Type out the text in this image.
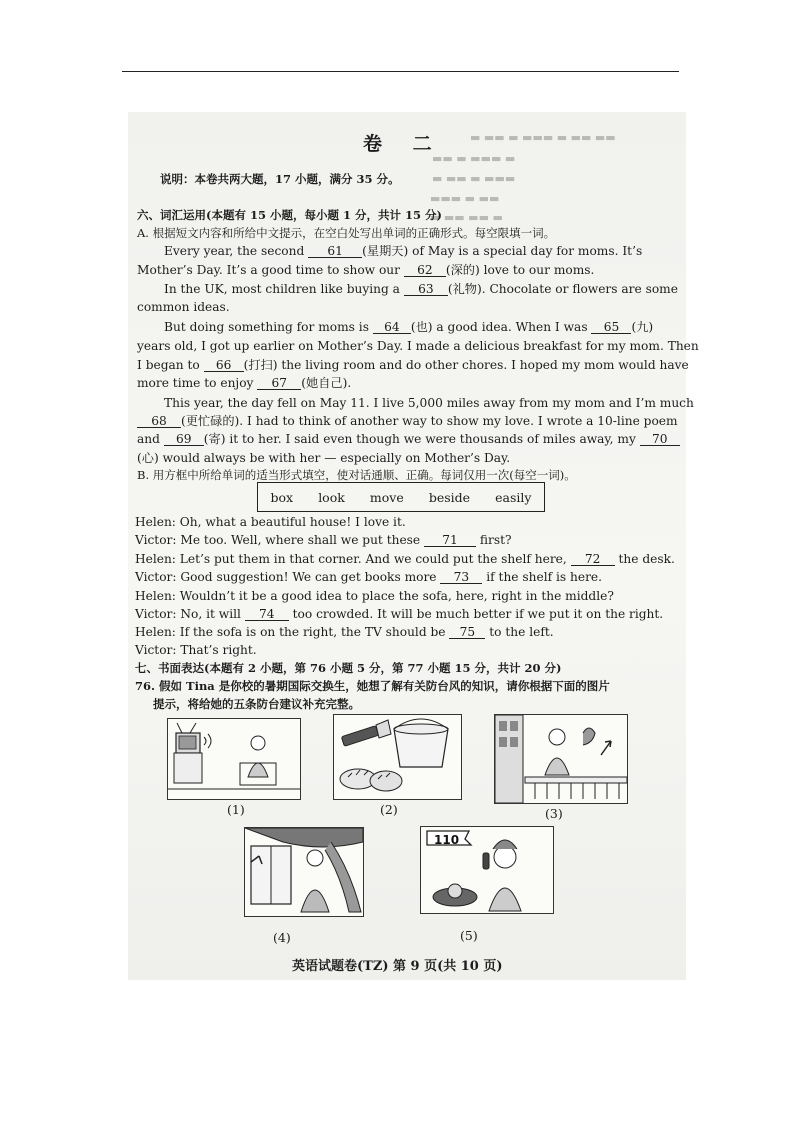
▬ ▬▬ ▬ ▬▬▬ ▬ ▬▬ ▬▬
▬▬ ▬ ▬▬▬ ▬
▬ ▬▬ ▬ ▬▬▬
▬▬▬ ▬ ▬▬
▬ ▬▬ ▬▬ ▬
卷 二
说明：本卷共两大题，17 小题，满分 35 分。
六、词汇运用(本题有 15 小题，每小题 1 分，共计 15 分)
A. 根据短文内容和所给中文提示，在空白处写出单词的正确形式。每空限填一词。
Every year, the second 61 (星期天) of May is a special day for moms. It’s
Mother’s Day. It’s a good time to show our 62 (深的) love to our moms.
In the UK, most children like buying a 63 (礼物). Chocolate or flowers are some
common ideas.
But doing something for moms is 64 (也) a good idea. When I was 65 (九)
years old, I got up earlier on Mother’s Day. I made a delicious breakfast for my mom. Then
I began to 66 (打扫) the living room and do other chores. I hoped my mom would have
more time to enjoy 67 (她自己).
This year, the day fell on May 11. I live 5,000 miles away from my mom and I’m much
68 (更忙碌的). I had to think of another way to show my love. I wrote a 10-line poem
and 69 (寄) it to her. I said even though we were thousands of miles away, my 70
(心) would always be with her — especially on Mother’s Day.
B. 用方框中所给单词的适当形式填空，使对话通顺、正确。每词仅用一次(每空一词)。
box look move beside easily
Helen: Oh, what a beautiful house! I love it.
Victor: Me too. Well, where shall we put these 71 first?
Helen: Let’s put them in that corner. And we could put the shelf here, 72 the desk.
Victor: Good suggestion! We can get books more 73 if the shelf is here.
Helen: Wouldn’t it be a good idea to place the sofa, here, right in the middle?
Victor: No, it will 74 too crowded. It will be much better if we put it on the right.
Helen: If the sofa is on the right, the TV should be 75 to the left.
Victor: That’s right.
七、书面表达(本题有 2 小题，第 76 小题 5 分，第 77 小题 15 分，共计 20 分)
76. 假如 Tina 是你校的暑期国际交换生，她想了解有关防台风的知识，请你根据下面的图片
提示，将给她的五条防台建议补充完整。
(1)	(2)	(3)
(4)
110
(5)
英语试题卷(TZ) 第 9 页(共 10 页)
